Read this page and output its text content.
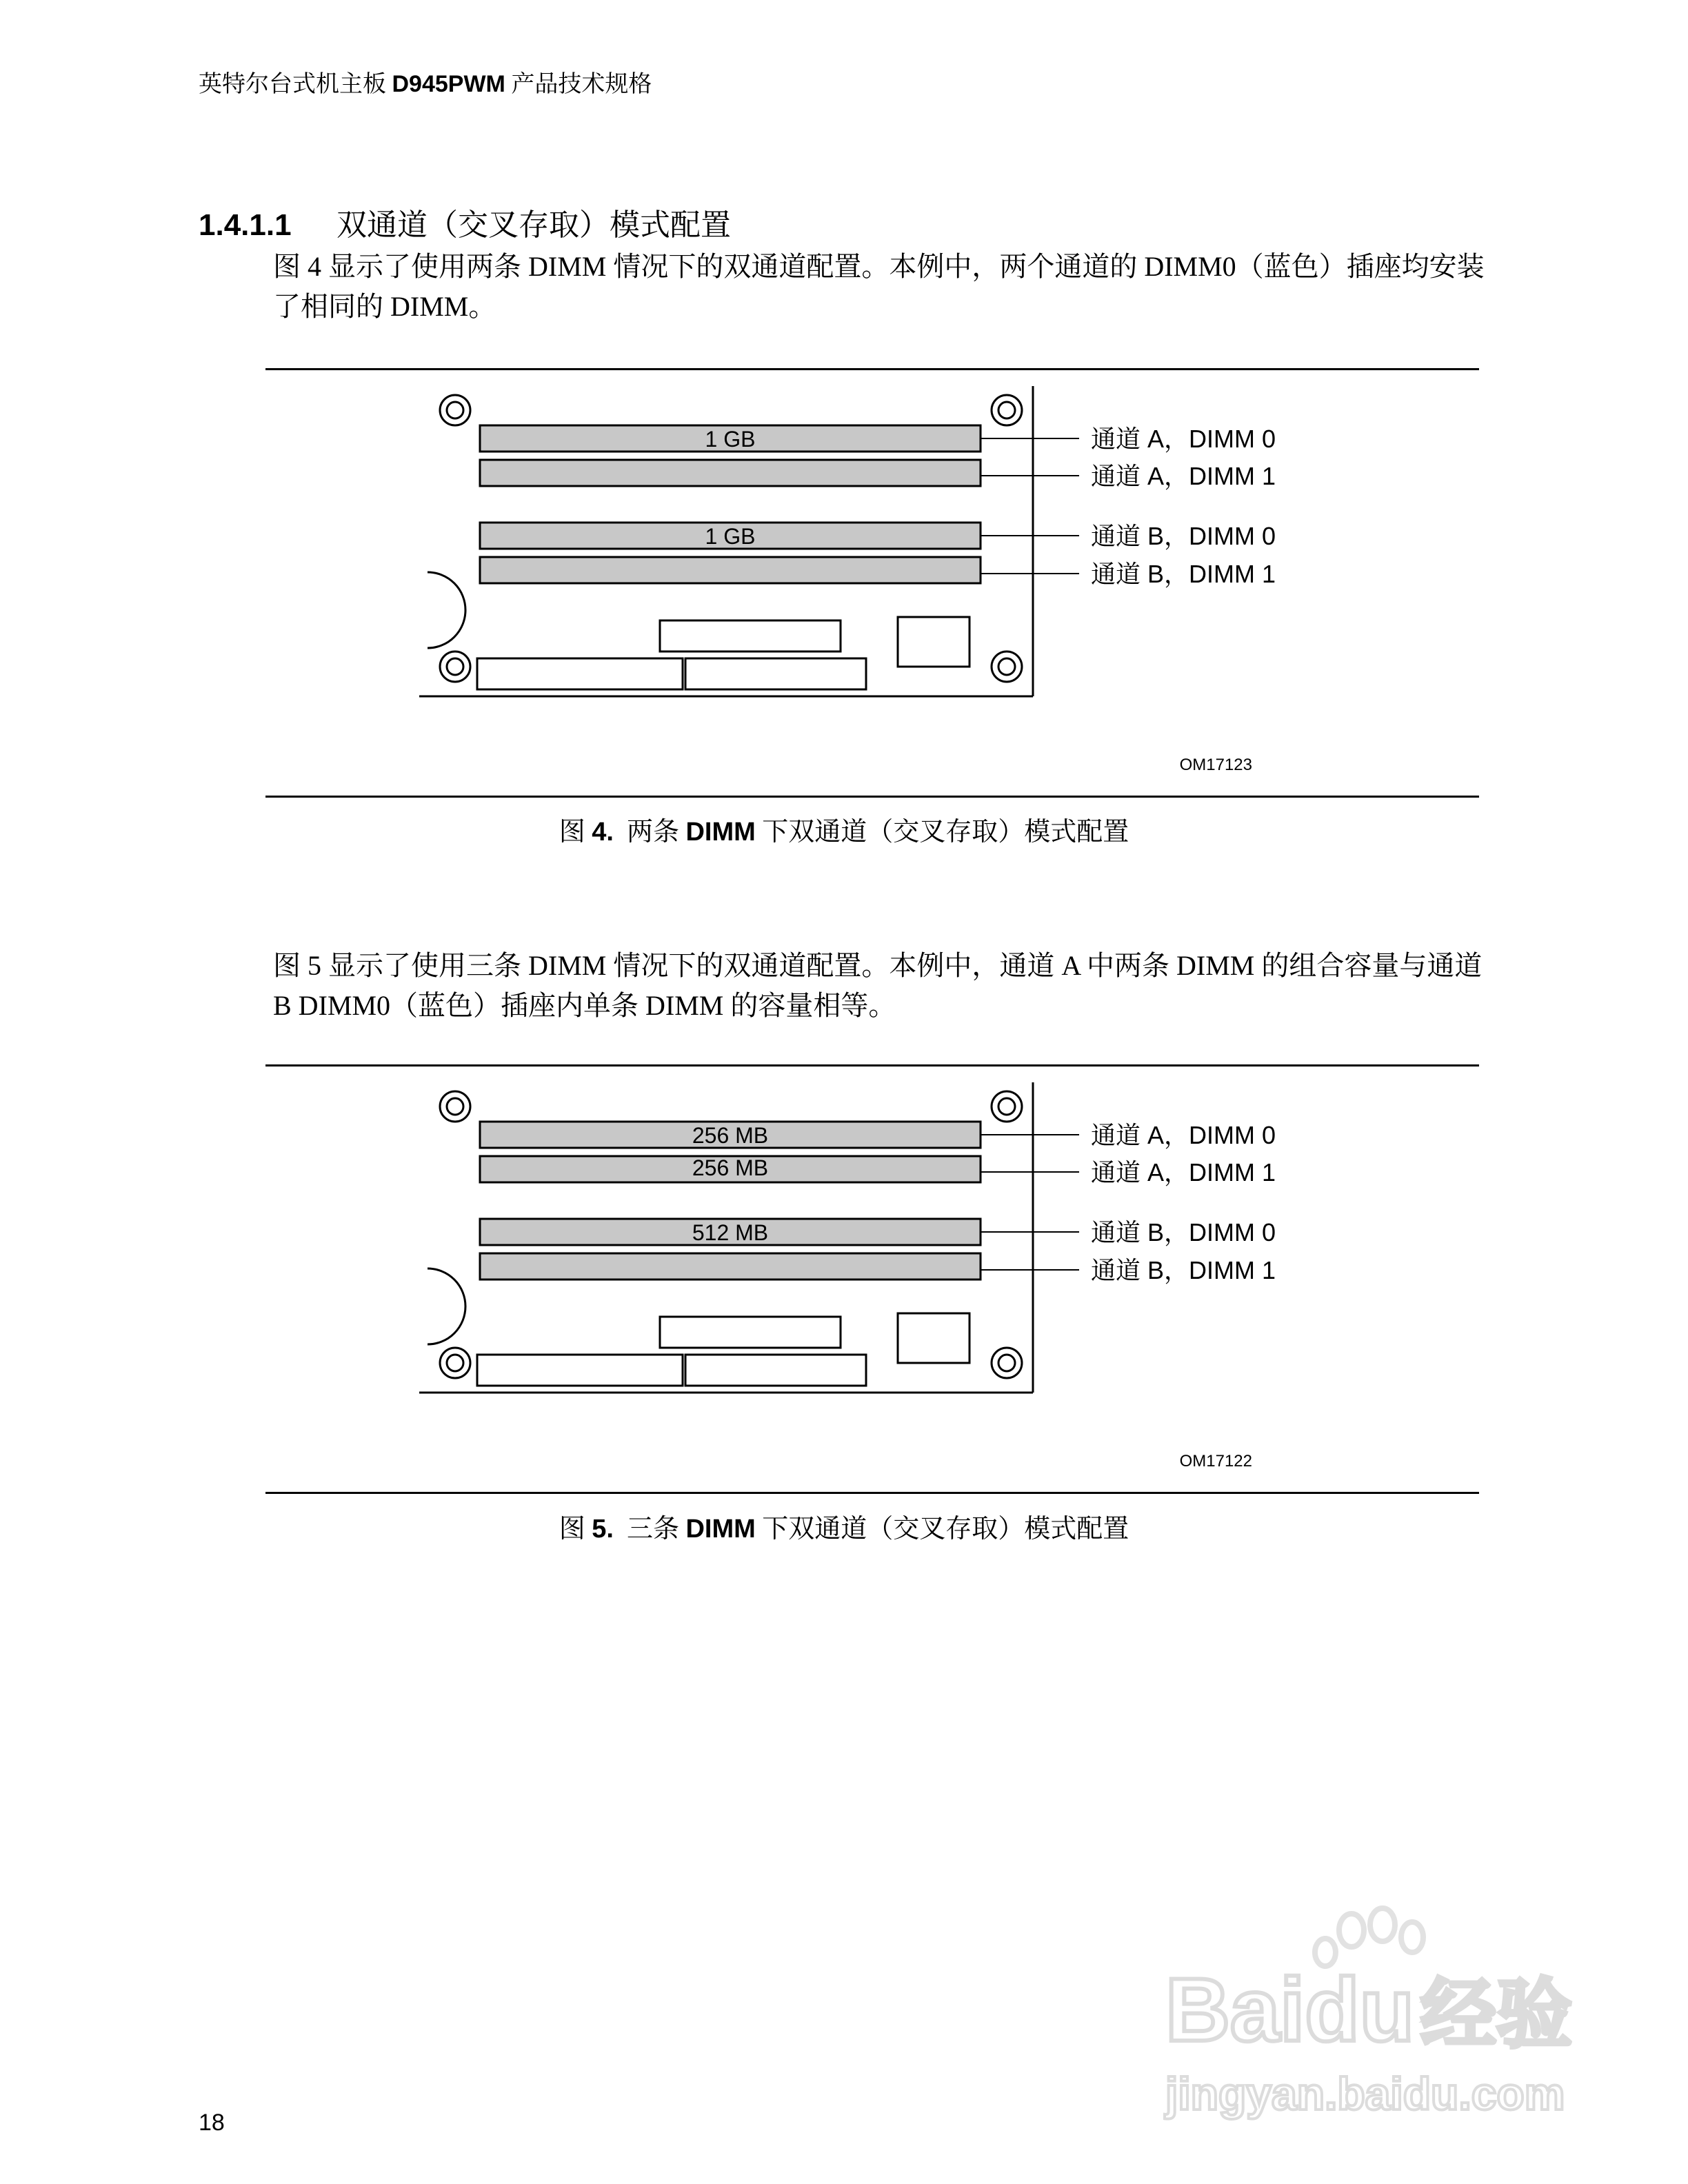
英特尔台式机主板 D945PWM 产品技术规格
1.4.1.1 双通道（交叉存取）模式配置
图 4 显示了使用两条 DIMM 情况下的双通道配置。本例中，两个通道的 DIMM0（蓝色）插座均安装了相同的 DIMM。
1 GB	通道 A，DIMM 0
通道 A，DIMM 1
1 GB	通道 B，DIMM 0
通道 B，DIMM 1
OM17123
图 4.  两条 DIMM 下双通道（交叉存取）模式配置
图 5 显示了使用三条 DIMM 情况下的双通道配置。本例中，通道 A 中两条 DIMM 的组合容量与通道 B DIMM0（蓝色）插座内单条 DIMM 的容量相等。
256 MB	通道 A，DIMM 0
256 MB	通道 A，DIMM 1
512 MB	通道 B，DIMM 0
通道 B，DIMM 1
OM17122
图 5.  三条 DIMM 下双通道（交叉存取）模式配置
18
Baidu 经验
jingyan.baidu.com
